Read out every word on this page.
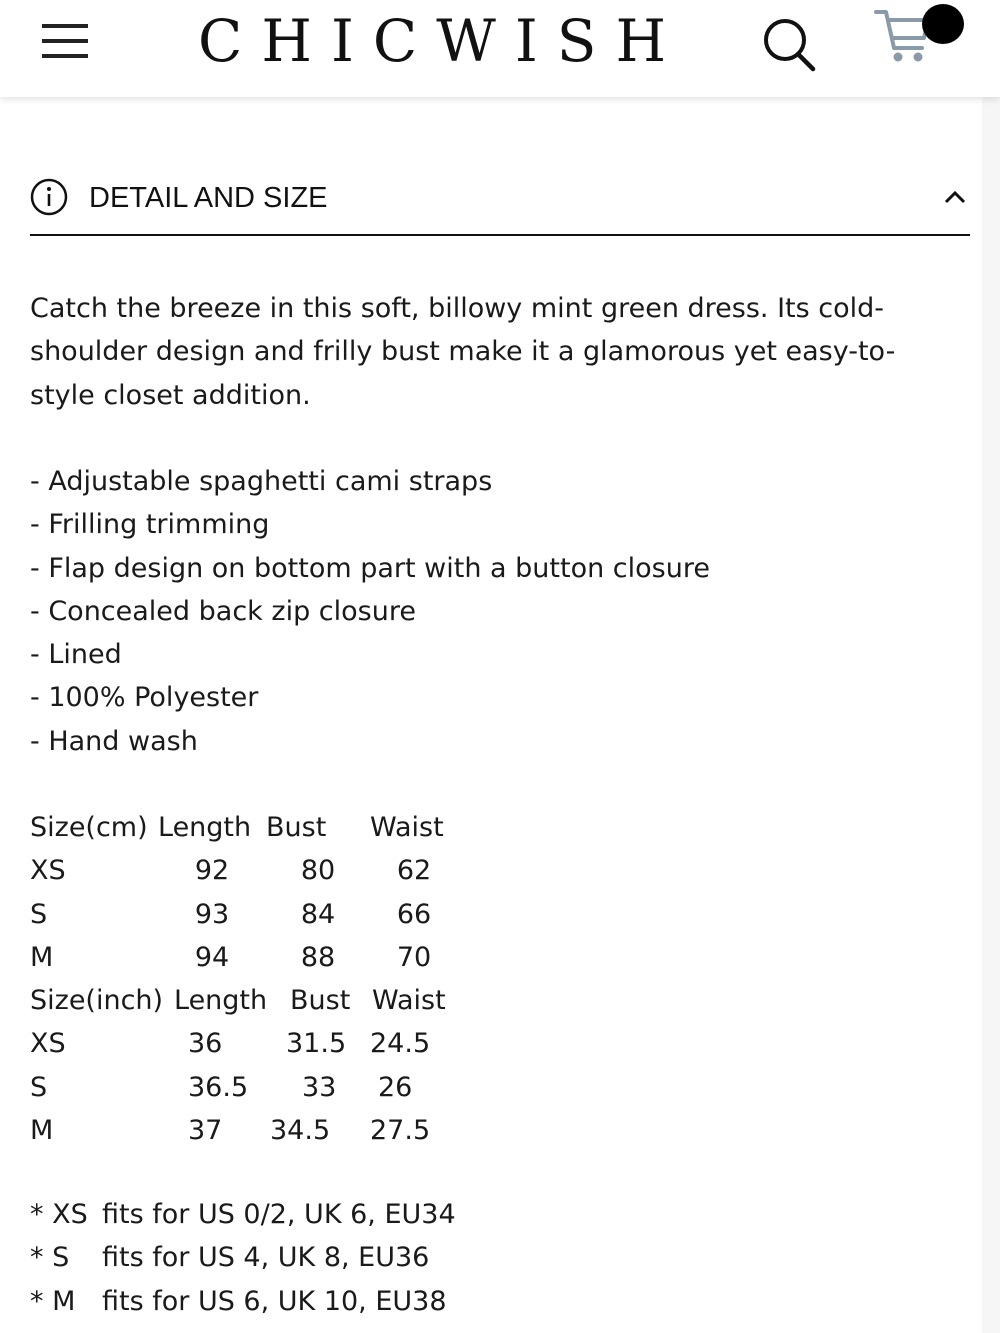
CHICWISH
DETAIL AND SIZE
Catch the breeze in this soft, billowy mint green dress. Its cold-
shoulder design and frilly bust make it a glamorous yet easy-to-
style closet addition.
- Adjustable spaghetti cami straps
- Frilling trimming
- Flap design on bottom part with a button closure
- Concealed back zip closure
- Lined
- 100% Polyester
- Hand wash
Size(cm)	Length	Bust	Waist
XS	92	80	62
S	93	84	66
M	94	88	70
Size(inch) Length Bust Waist			
XS	36	31.5	24.5
S	36.5	33	26
M	37	34.5	27.5
* XS fits for US 0/2, UK 6, EU34
* S fits for US 4, UK 8, EU36
* M fits for US 6, UK 10, EU38
